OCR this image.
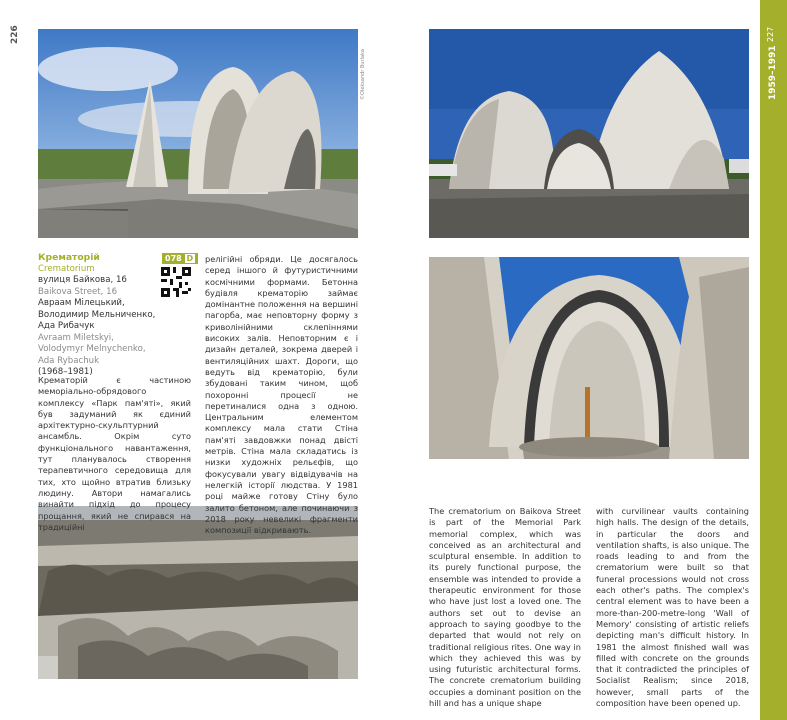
226	227
1959–1991
©Oleksandr Burlaka
Крематорій
Crematorium
вулиця Байкова, 16
Baikova Street, 16
Авраам Мілецький, Володимир Мельниченко, Ада Рибачук
Avraam Miletskyi, Volodymyr Melnychenko, Ada Rybachuk
(1968–1981)
078 D

Крематорій є частиною меморіально-обрядового комплексу «Парк пам'яті», який був задуманий як єдиний архітектурно-скульптурний ансамбль. Окрім суто функціонального навантаження, тут планувалось створення терапевтичного середовища для тих, хто щойно втратив близьку людину. Автори намагались винайти підхід до процесу прощання, який не спирався на традиційні

релігійні обряди. Це досягалось серед іншого й футуристичними космічними формами. Бетонна будівля крематорію займає домінантне положення на вершині пагорба, має неповторну форму з криволінійними склепіннями високих залів. Неповторним є і дизайн деталей, зокрема дверей і вентиляційних шахт. Дороги, що ведуть від крематорію, були збудовані таким чином, щоб похоронні процесії не перетиналися одна з одною. Центральним елементом комплексу мала стати Стіна пам'яті завдовжки понад двісті метрів. Стіна мала складатись із низки художніх рельєфів, що фокусували увагу відвідувачів на нелегкій історії людства. У 1981 році майже готову Стіну було залито бетоном, але починаючи з 2018 року невеликі фрагменти композиції відкривають.

The crematorium on Baikova Street is part of the Memorial Park memorial complex, which was conceived as an architectural and sculptural ensemble. In addition to its purely functional purpose, the ensemble was intended to provide a therapeutic environment for those who have just lost a loved one. The authors set out to devise an approach to saying goodbye to the departed that would not rely on traditional religious rites. One way in which they achieved this was by using futuristic architectural forms. The concrete crematorium building occupies a dominant position on the hill and has a unique shape

with curvilinear vaults containing high halls. The design of the details, in particular the doors and ventilation shafts, is also unique. The roads leading to and from the crematorium were built so that funeral processions would not cross each other's paths. The complex's central element was to have been a more-than-200-metre-long 'Wall of Memory' consisting of artistic reliefs depicting man's difficult history. In 1981 the almost finished wall was filled with concrete on the grounds that it contradicted the principles of Socialist Realism; since 2018, however, small parts of the composition have been opened up.
